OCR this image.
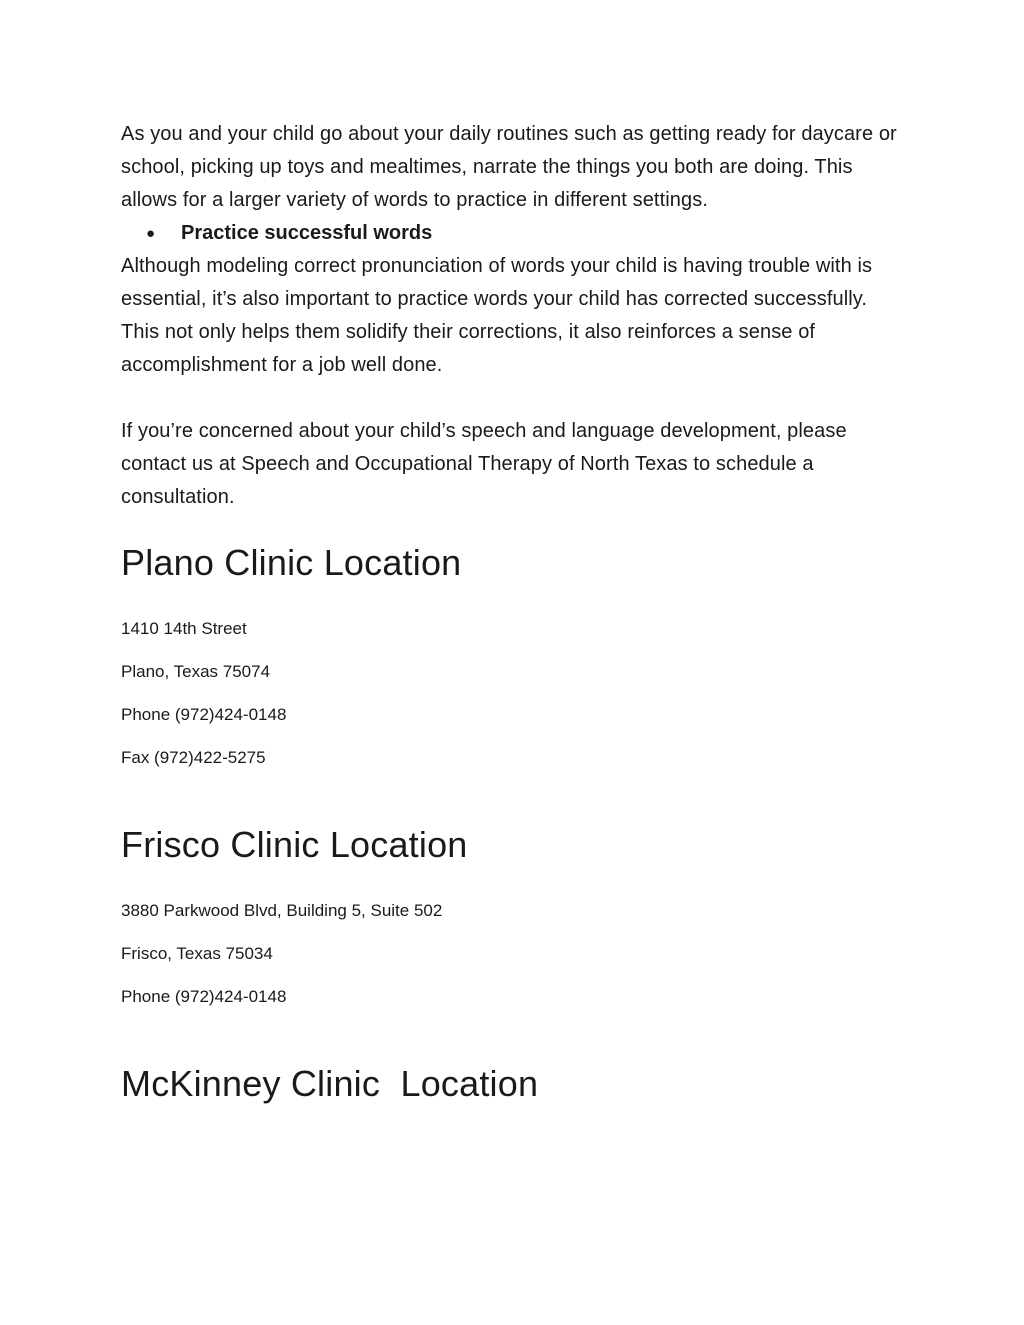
As you and your child go about your daily routines such as getting ready for daycare or school, picking up toys and mealtimes, narrate the things you both are doing. This allows for a larger variety of words to practice in different settings.

●	Practice successful words

Although modeling correct pronunciation of words your child is having trouble with is essential, it’s also important to practice words your child has corrected successfully. This not only helps them solidify their corrections, it also reinforces a sense of accomplishment for a job well done.

If you’re concerned about your child’s speech and language development, please contact us at Speech and Occupational Therapy of North Texas to schedule a consultation.

Plano Clinic Location

1410 14th Street

Plano, Texas 75074

Phone (972)424-0148

Fax (972)422-5275

Frisco Clinic Location

3880 Parkwood Blvd, Building 5, Suite 502

Frisco, Texas 75034

Phone (972)424-0148

McKinney Clinic  Location
